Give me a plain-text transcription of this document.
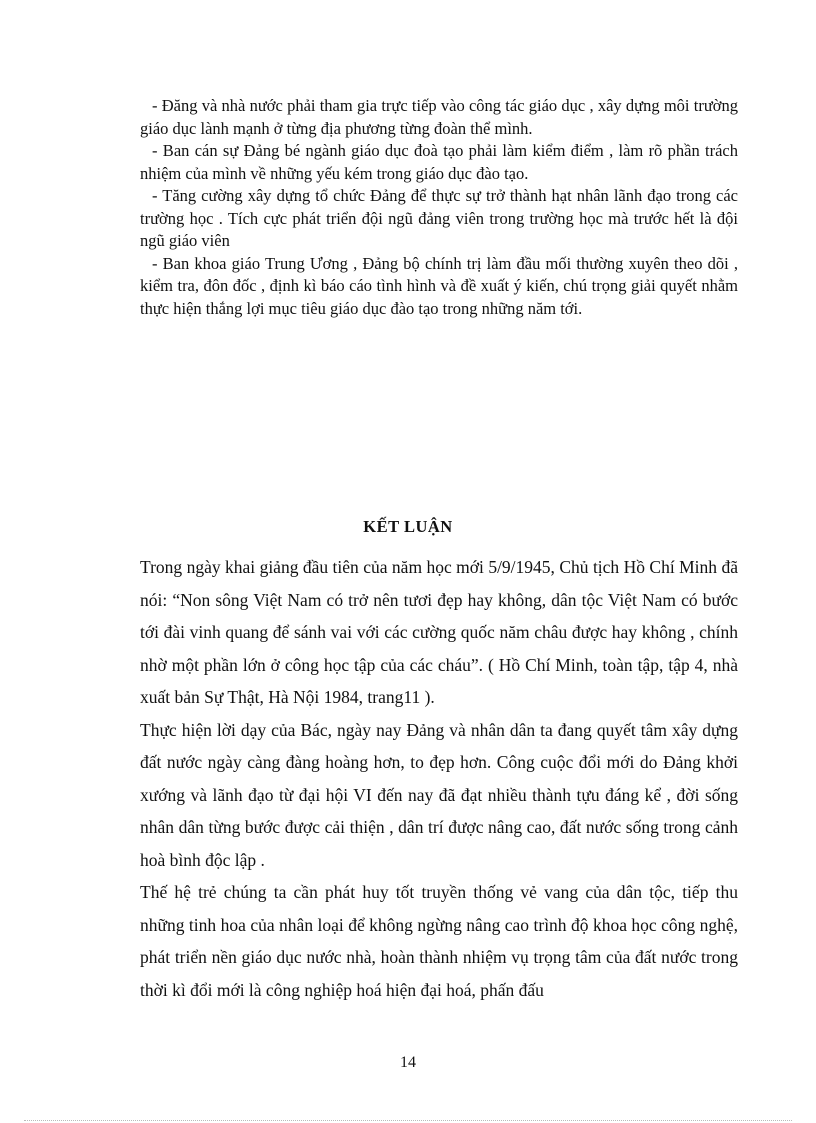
- Đăng và nhà nước phải tham gia trực tiếp vào công tác giáo dục , xây dựng môi trường giáo dục lành mạnh ở từng địa phương từng đoàn thể mình.

- Ban cán sự Đảng bé ngành giáo dục đoà tạo phải làm kiểm điểm , làm rõ phần trách nhiệm của mình về những yếu kém trong giáo dục đào tạo.

- Tăng cường xây dựng tổ chức Đảng để thực sự trở thành hạt nhân lãnh đạo trong các trường học . Tích cực phát triển đội ngũ đảng viên trong trường học mà trước hết là đội ngũ giáo viên

- Ban khoa giáo Trung Ương , Đảng bộ chính trị làm đầu mối thường xuyên theo dõi , kiểm tra, đôn đốc , định kì báo cáo tình hình và đề xuất ý kiến, chú trọng giải quyết nhằm thực hiện thắng lợi mục tiêu giáo dục đào tạo trong những năm tới.

KẾT LUẬN

Trong ngày khai giảng đầu tiên của năm học mới 5/9/1945, Chủ tịch Hồ Chí Minh đã nói: “Non sông Việt Nam có trở nên tươi đẹp hay không, dân tộc Việt Nam có bước tới đài vinh quang để sánh vai với các cường quốc năm châu được hay không , chính nhờ một phần lớn ở công học tập của các cháu”. ( Hồ Chí Minh, toàn tập, tập 4, nhà xuất bản Sự Thật, Hà Nội 1984, trang11 ).

Thực hiện lời dạy của Bác, ngày nay Đảng và nhân dân ta đang quyết tâm xây dựng đất nước ngày càng đàng hoàng hơn, to đẹp hơn. Công cuộc đổi mới do Đảng khởi xướng và lãnh đạo từ đại hội VI đến nay đã đạt nhiều thành tựu đáng kể , đời sống nhân dân từng bước được cải thiện , dân trí được nâng cao, đất nước sống trong cảnh hoà bình độc lập .

Thế hệ trẻ chúng ta cần phát huy tốt truyền thống vẻ vang của dân tộc, tiếp thu những tinh hoa của nhân loại để không ngừng nâng cao trình độ khoa học công nghệ, phát triển nền giáo dục nước nhà, hoàn thành nhiệm vụ trọng tâm của đất nước trong thời kì đổi mới là công nghiệp hoá hiện đại hoá, phấn đấu

14
